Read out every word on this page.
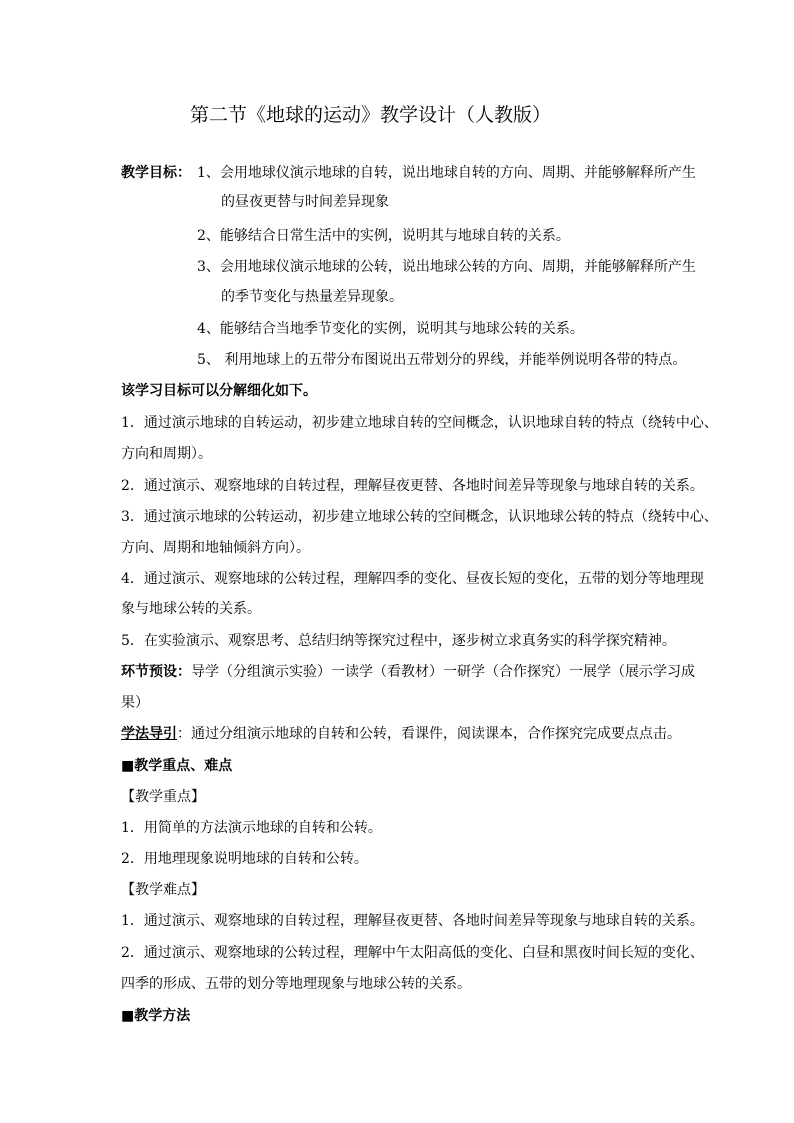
第二节《地球的运动》教学设计（人教版）
教学目标： 1、会用地球仪演示地球的自转，说出地球自转的方向、周期、并能够解释所产生
的昼夜更替与时间差异现象
2、能够结合日常生活中的实例，说明其与地球自转的关系。
3、会用地球仪演示地球的公转，说出地球公转的方向、周期，并能够解释所产生
的季节变化与热量差异现象。
4、能够结合当地季节变化的实例，说明其与地球公转的关系。
5、 利用地球上的五带分布图说出五带划分的界线，并能举例说明各带的特点。
该学习目标可以分解细化如下。
1．通过演示地球的自转运动，初步建立地球自转的空间概念，认识地球自转的特点（绕转中心、
方向和周期）。
2．通过演示、观察地球的自转过程，理解昼夜更替、各地时间差异等现象与地球自转的关系。
3．通过演示地球的公转运动，初步建立地球公转的空间概念，认识地球公转的特点（绕转中心、
方向、周期和地轴倾斜方向）。
4．通过演示、观察地球的公转过程，理解四季的变化、昼夜长短的变化，五带的划分等地理现
象与地球公转的关系。
5．在实验演示、观察思考、总结归纳等探究过程中，逐步树立求真务实的科学探究精神。
环节预设：导学（分组演示实验）一读学（看教材）一研学（合作探究）一展学（展示学习成
果）
学法导引：通过分组演示地球的自转和公转，看课件，阅读课本，合作探究完成要点点击。
■教学重点、难点
【教学重点】
1．用简单的方法演示地球的自转和公转。
2．用地理现象说明地球的自转和公转。
【教学难点】
1．通过演示、观察地球的自转过程，理解昼夜更替、各地时间差异等现象与地球自转的关系。
2．通过演示、观察地球的公转过程，理解中午太阳高低的变化、白昼和黑夜时间长短的变化、
四季的形成、五带的划分等地理现象与地球公转的关系。
■教学方法
